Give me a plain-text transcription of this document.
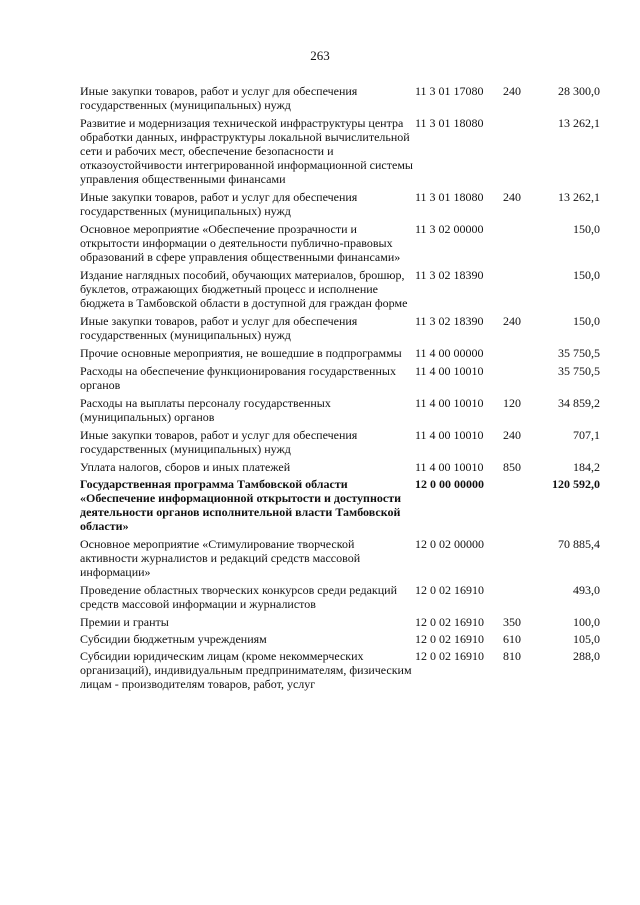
263
Иные закупки товаров, работ и услуг для обеспечения государственных (муниципальных) нужд	11 3 01 17080	240	28 300,0
Развитие и модернизация технической инфраструктуры центра обработки данных, инфраструктуры локальной вычислительной сети и рабочих мест, обеспечение безопасности и отказоустойчивости интегрированной информационной системы управления общественными финансами	11 3 01 18080		13 262,1
Иные закупки товаров, работ и услуг для обеспечения государственных (муниципальных) нужд	11 3 01 18080	240	13 262,1
Основное мероприятие «Обеспечение прозрачности и открытости информации о деятельности публично-правовых образований в сфере управления общественными финансами»	11 3 02 00000		150,0
Издание наглядных пособий, обучающих материалов, брошюр, буклетов, отражающих бюджетный процесс и исполнение бюджета в Тамбовской области в доступной для граждан форме	11 3 02 18390		150,0
Иные закупки товаров, работ и услуг для обеспечения государственных (муниципальных) нужд	11 3 02 18390	240	150,0
Прочие основные мероприятия, не вошедшие в подпрограммы	11 4 00 00000		35 750,5
Расходы на обеспечение функционирования государственных органов	11 4 00 10010		35 750,5
Расходы на выплаты персоналу государственных (муниципальных) органов	11 4 00 10010	120	34 859,2
Иные закупки товаров, работ и услуг для обеспечения государственных (муниципальных) нужд	11 4 00 10010	240	707,1
Уплата налогов, сборов и иных платежей	11 4 00 10010	850	184,2
Государственная программа Тамбовской области «Обеспечение информационной открытости и доступности деятельности органов исполнительной власти Тамбовской области»	12 0 00 00000		120 592,0
Основное мероприятие «Стимулирование творческой активности журналистов и редакций средств массовой информации»	12 0 02 00000		70 885,4
Проведение областных творческих конкурсов среди редакций средств массовой информации и журналистов	12 0 02 16910		493,0
Премии и гранты	12 0 02 16910	350	100,0
Субсидии бюджетным учреждениям	12 0 02 16910	610	105,0
Субсидии юридическим лицам (кроме некоммерческих организаций), индивидуальным предпринимателям, физическим лицам - производителям товаров, работ, услуг	12 0 02 16910	810	288,0
